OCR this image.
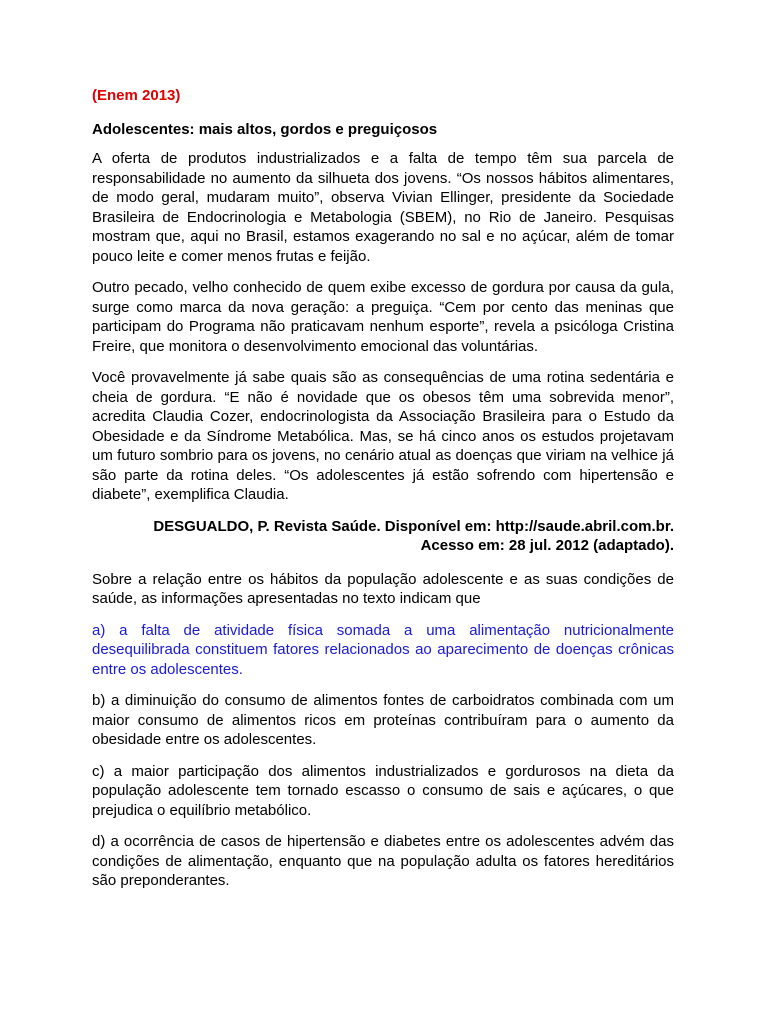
(Enem 2013)

Adolescentes: mais altos, gordos e preguiçosos

A oferta de produtos industrializados e a falta de tempo têm sua parcela de responsabilidade no aumento da silhueta dos jovens. “Os nossos hábitos alimentares, de modo geral, mudaram muito”, observa Vivian Ellinger, presidente da Sociedade Brasileira de Endocrinologia e Metabologia (SBEM), no Rio de Janeiro. Pesquisas mostram que, aqui no Brasil, estamos exagerando no sal e no açúcar, além de tomar pouco leite e comer menos frutas e feijão.

Outro pecado, velho conhecido de quem exibe excesso de gordura por causa da gula, surge como marca da nova geração: a preguiça. “Cem por cento das meninas que participam do Programa não praticavam nenhum esporte”, revela a psicóloga Cristina Freire, que monitora o desenvolvimento emocional das voluntárias.

Você provavelmente já sabe quais são as consequências de uma rotina sedentária e cheia de gordura. “E não é novidade que os obesos têm uma sobrevida menor”, acredita Claudia Cozer, endocrinologista da Associação Brasileira para o Estudo da Obesidade e da Síndrome Metabólica. Mas, se há cinco anos os estudos projetavam um futuro sombrio para os jovens, no cenário atual as doenças que viriam na velhice já são parte da rotina deles. “Os adolescentes já estão sofrendo com hipertensão e diabete”, exemplifica Claudia.

DESGUALDO, P. Revista Saúde. Disponível em: http://saude.abril.com.br.
Acesso em: 28 jul. 2012 (adaptado).

Sobre a relação entre os hábitos da população adolescente e as suas condições de saúde, as informações apresentadas no texto indicam que

a) a falta de atividade física somada a uma alimentação nutricionalmente desequilibrada constituem fatores relacionados ao aparecimento de doenças crônicas entre os adolescentes.

b) a diminuição do consumo de alimentos fontes de carboidratos combinada com um maior consumo de alimentos ricos em proteínas contribuíram para o aumento da obesidade entre os adolescentes.

c) a maior participação dos alimentos industrializados e gordurosos na dieta da população adolescente tem tornado escasso o consumo de sais e açúcares, o que prejudica o equilíbrio metabólico.

d) a ocorrência de casos de hipertensão e diabetes entre os adolescentes advém das condições de alimentação, enquanto que na população adulta os fatores hereditários são preponderantes.
